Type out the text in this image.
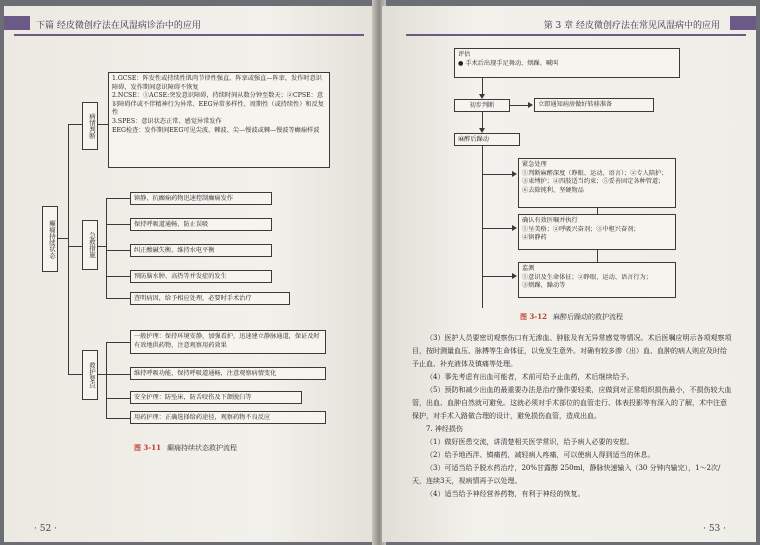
下篇 经皮微创疗法在风湿病诊治中的应用
癫痫持续状态
病情判断
1.GCSE：阵发性或持续性肌肉节律性强直、阵挛或强直—阵挛，发作时意识障碍，发作期间意识障碍不恢复
2.NCSE：①ACSE:突发意识障碍，持续时间从数分钟至数天；②CPSE：意识障碍伴或不伴精神行为异常、EEG异常多样性、周期性（或持续性）和反复性
3.SPES：意识状态正常、感觉异常发作
EEG检查：发作期间EEG可见尖波、棘波、尖—慢波或棘—慢波等癫痫样波
急救措施
镇静、抗癫痫药物迅速控制癫痫发作
保持呼吸道通畅、防止误吸
纠正酸碱失衡、维持水电平衡
预防脑水肿、高热等并发症的发生
查明病因，给予相应处理，必要时手术治疗
救护要点
一般护理：保持环境安静，加强看护，迅速建立静脉通道，保证及时有效地供药物，注意观察用药效果
维持呼吸功能，保持呼吸道通畅，注意观察病情变化
安全护理：防坠床，防舌咬伤及下颌脱臼等
用药护理：正确选择给药途径，观察药物不良反应
图 3-11 癫痫持续状态救护流程
· 52 ·
第 3 章 经皮微创疗法在常见风湿病中的应用
评估
● 手术后出现手足舞动、烦躁、喊叫
初步判断	立即通知病房做好转移准备
麻醉后躁动
紧急处理
①判断麻醉深度（睁眼、运动、语言）；②专人陪护；
③束缚护；④四肢适当约束；⑤妥善固定各种管道；
⑥去除钝利、坚硬物品
确认有效医嘱并执行
①呈美格；②呼吸兴奋剂；③中枢兴奋剂；
④镇静药
监测
①意识及生命体征；②睁眼、运动、语言行为；
③烦躁、躁动等
图 3-12 麻醉后躁动的救护流程

（3）医护人员要密切观察伤口有无渗血、肿胀及有无异常感觉等情况。术后医嘱应明示各项观察项目，按时测量血压、脉搏等生命体征，以免发生意外。对确有较多渗（出）血、血肿的病人则应及时给予止血、补充液体及镇痛等处理。

（4）事先考虑有出血可能者，术前可给予止血药，术后继续给予。

（5）预防和减少出血的最重要办法是治疗操作要轻柔，应做到对正常组织损伤最小，不损伤较大血管，出血、血肿自然就可避免。这就必须对手术部位的血管走行、体表投影等有深入的了解，术中注意保护，对手术入路做合理的设计，避免损伤血管，造成出血。

7. 神经损伤

（1）做好医患交流，讲清楚相关医学常识，给予病人必要的安慰。

（2）给予地西泮、镇痛药，减轻病人疼痛，可以使病人得到适当的休息。

（3）可适当给予脱水药治疗，20%甘露醇 250ml，静脉快速输入（30 分钟内输完），1～2次/天，连续3天，视病情再予以处理。

（4）适当给予神经营养药物，有利于神经的恢复。

· 53 ·
